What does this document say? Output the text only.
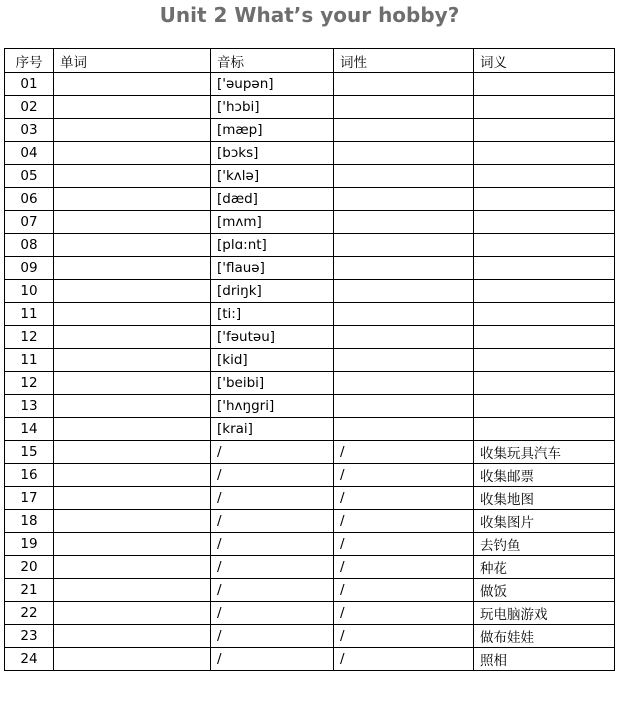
Unit 2 What’s your hobby?
序号	单词	音标	词性	词义
01		['əupən]		
02		['hɔbi]		
03		[mæp]		
04		[bɔks]		
05		['kʌlə]		
06		[dæd]		
07		[mʌm]		
08		[plɑ:nt]		
09		['flauə]		
10		[driŋk]		
11		[ti:]		
12		['fəutəu]		
11		[kid]		
12		['beibi]		
13		['hʌŋgri]		
14		[krai]		
15		/	/	收集玩具汽车
16		/	/	收集邮票
17		/	/	收集地图
18		/	/	收集图片
19		/	/	去钓鱼
20		/	/	种花
21		/	/	做饭
22		/	/	玩电脑游戏
23		/	/	做布娃娃
24		/	/	照相
